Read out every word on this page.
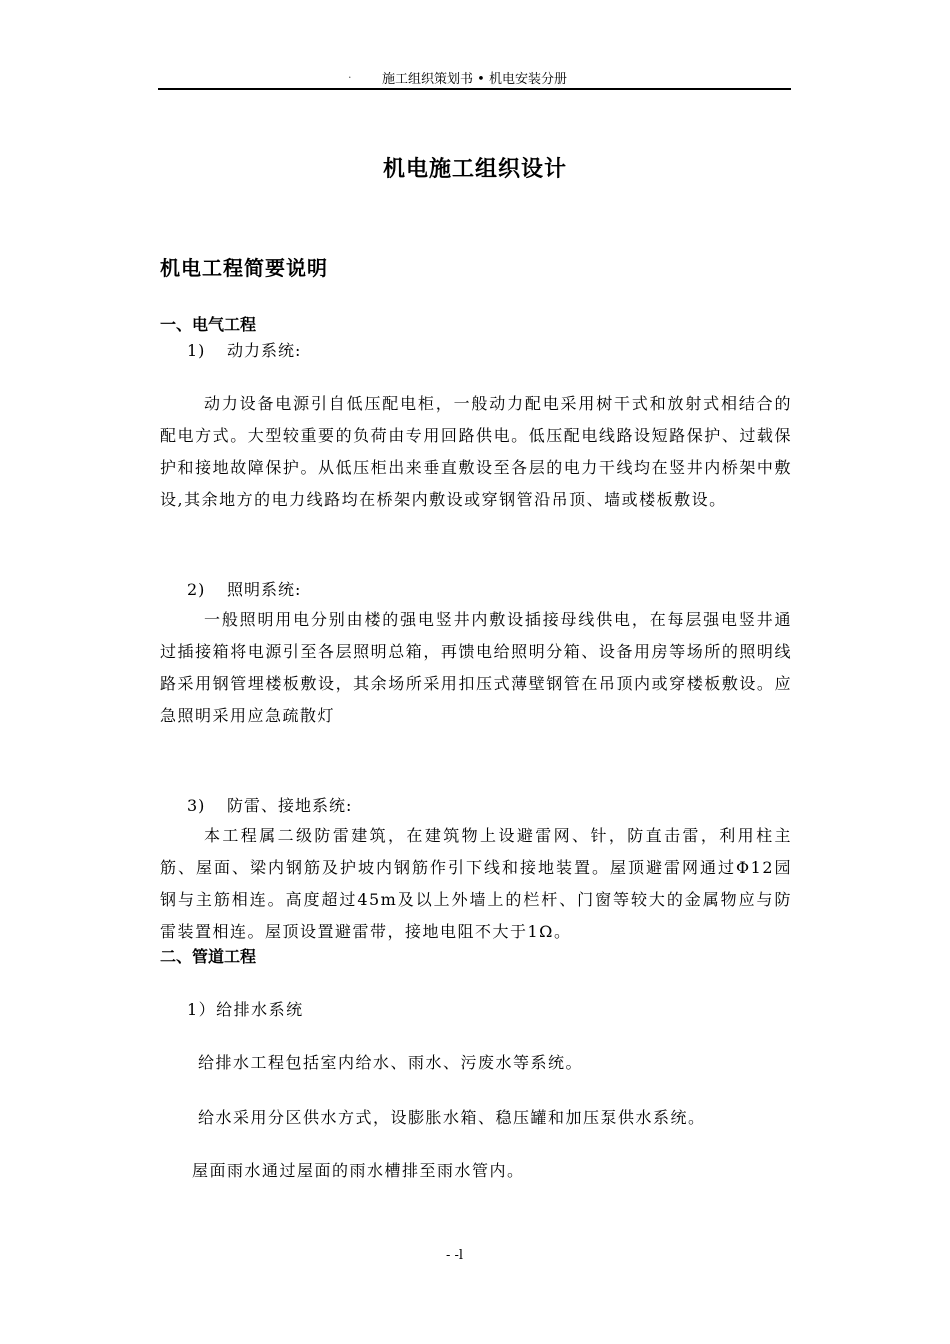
.	施工组织策划书 • 机电安装分册
机电施工组织设计
机电工程简要说明
一、电气工程
1) 动力系统:

动力设备电源引自低压配电柜，一般动力配电采用树干式和放射式相结合的配电方式。大型较重要的负荷由专用回路供电。低压配电线路设短路保护、过载保护和接地故障保护。从低压柜出来垂直敷设至各层的电力干线均在竖井内桥架中敷设,其余地方的电力线路均在桥架内敷设或穿钢管沿吊顶、墙或楼板敷设。

2) 照明系统:

一般照明用电分别由楼的强电竖井内敷设插接母线供电，在每层强电竖井通过插接箱将电源引至各层照明总箱，再馈电给照明分箱、设备用房等场所的照明线路采用钢管埋楼板敷设，其余场所采用扣压式薄壁钢管在吊顶内或穿楼板敷设。应急照明采用应急疏散灯

3) 防雷、接地系统:

本工程属二级防雷建筑，在建筑物上设避雷网、针，防直击雷，利用柱主筋、屋面、梁内钢筋及护坡内钢筋作引下线和接地装置。屋顶避雷网通过Φ12园钢与主筋相连。高度超过45m及以上外墙上的栏杆、门窗等较大的金属物应与防雷装置相连。屋顶设置避雷带，接地电阻不大于1Ω。

二、管道工程
1）给排水系统
给排水工程包括室内给水、雨水、污废水等系统。
给水采用分区供水方式，设膨胀水箱、稳压罐和加压泵供水系统。
屋面雨水通过屋面的雨水槽排至雨水管内。
- -l
